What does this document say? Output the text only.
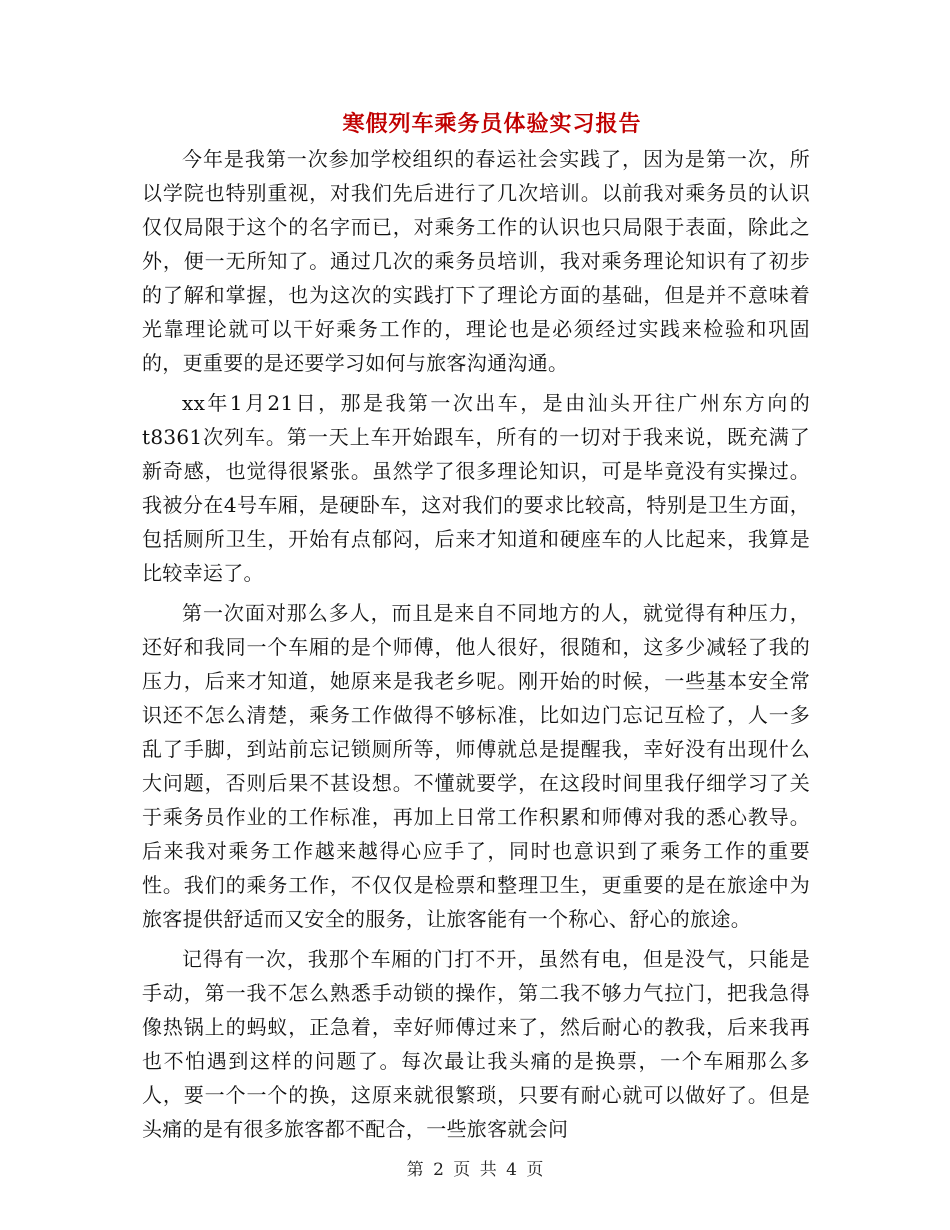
寒假列车乘务员体验实习报告

今年是我第一次参加学校组织的春运社会实践了，因为是第一次，所以学院也特别重视，对我们先后进行了几次培训。以前我对乘务员的认识仅仅局限于这个的名字而已，对乘务工作的认识也只局限于表面，除此之外，便一无所知了。通过几次的乘务员培训，我对乘务理论知识有了初步的了解和掌握，也为这次的实践打下了理论方面的基础，但是并不意味着光靠理论就可以干好乘务工作的，理论也是必须经过实践来检验和巩固的，更重要的是还要学习如何与旅客沟通沟通。

xx年1月21日，那是我第一次出车，是由汕头开往广州东方向的t8361次列车。第一天上车开始跟车，所有的一切对于我来说，既充满了新奇感，也觉得很紧张。虽然学了很多理论知识，可是毕竟没有实操过。我被分在4号车厢，是硬卧车，这对我们的要求比较高，特别是卫生方面，包括厕所卫生，开始有点郁闷，后来才知道和硬座车的人比起来，我算是比较幸运了。

第一次面对那么多人，而且是来自不同地方的人，就觉得有种压力，还好和我同一个车厢的是个师傅，他人很好，很随和，这多少减轻了我的压力，后来才知道，她原来是我老乡呢。刚开始的时候，一些基本安全常识还不怎么清楚，乘务工作做得不够标准，比如边门忘记互检了，人一多乱了手脚，到站前忘记锁厕所等，师傅就总是提醒我，幸好没有出现什么大问题，否则后果不甚设想。不懂就要学，在这段时间里我仔细学习了关于乘务员作业的工作标准，再加上日常工作积累和师傅对我的悉心教导。后来我对乘务工作越来越得心应手了，同时也意识到了乘务工作的重要性。我们的乘务工作，不仅仅是检票和整理卫生，更重要的是在旅途中为旅客提供舒适而又安全的服务，让旅客能有一个称心、舒心的旅途。

记得有一次，我那个车厢的门打不开，虽然有电，但是没气，只能是手动，第一我不怎么熟悉手动锁的操作，第二我不够力气拉门，把我急得像热锅上的蚂蚁，正急着，幸好师傅过来了，然后耐心的教我，后来我再也不怕遇到这样的问题了。每次最让我头痛的是换票，一个车厢那么多人，要一个一个的换，这原来就很繁琐，只要有耐心就可以做好了。但是头痛的是有很多旅客都不配合，一些旅客就会问

第 2 页 共 4 页
